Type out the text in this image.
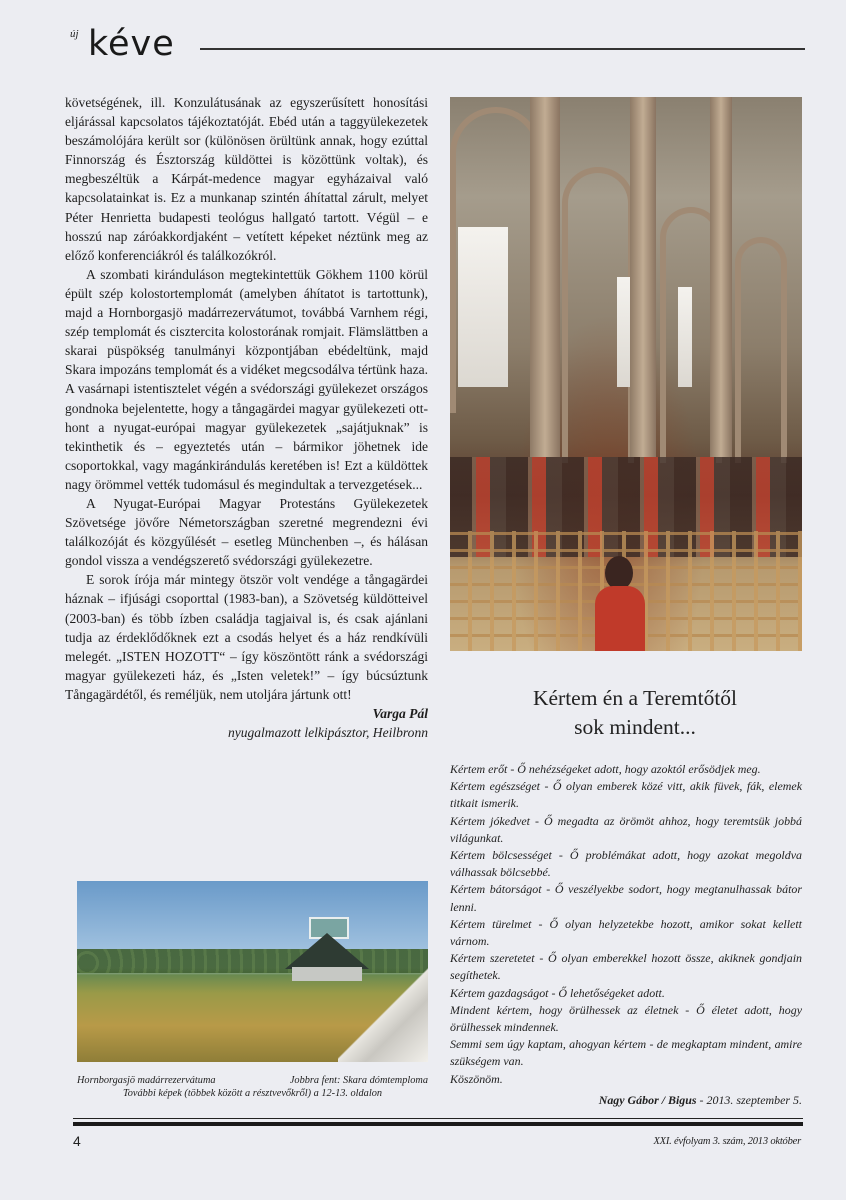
új kéve

követségének, ill. Konzulátusának az egyszerűsített honosítási eljárással kapcsolatos tájékoztatóját. Ebéd után a taggyülekezetek beszámolójára került sor (különösen örültünk annak, hogy ezúttal Finnország és Észtország küldöttei is közöttünk voltak), és megbeszéltük a Kárpát-medence magyar egyházaival való kapcsolatainkat is. Ez a munkanap szintén áhítattal zárult, melyet Péter Henrietta budapesti teológus hallgató tartott. Végül – e hosszú nap záróakkordjaként – vetített képeket néztünk meg az előző konferenciákról és találkozókról.

A szombati kiránduláson megtekintettük Gökhem 1100 körül épült szép kolostortemplomát (amelyben áhítatot is tartottunk), majd a Hornborgasjö madárrezervátumot, továbbá Varnhem régi, szép templomát és cisztercita kolostorának romjait. Flämslättben a skarai püspökség tanulmányi központjában ebédeltünk, majd Skara impozáns templomát és a vidéket megcsodálva tértünk haza. A vasárnapi istentisztelet végén a svédországi gyülekezet országos gondnoka bejelentette, hogy a tångagärdei magyar gyülekezeti otthont a nyugat-európai magyar gyülekezetek „sajátjuknak” is tekinthetik és – egyeztetés után – bármikor jöhetnek ide csoportokkal, vagy magánkirándulás keretében is! Ezt a küldöttek nagy örömmel vették tudomásul és megindultak a tervezgetések...

A Nyugat-Európai Magyar Protestáns Gyülekezetek Szövetsége jövőre Németországban szeretné megrendezni évi találkozóját és közgyűlését – esetleg Münchenben –, és hálásan gondol vissza a vendégszerető svédországi gyülekezetre.

E sorok írója már mintegy ötször volt vendége a tångagärdei háznak – ifjúsági csoporttal (1983-ban), a Szövetség küldötteivel (2003-ban) és több ízben családja tagjaival is, és csak ajánlani tudja az érdeklődőknek ezt a csodás helyet és a ház rendkívüli melegét. „ISTEN HOZOTT“ – így köszöntött ránk a svédországi magyar gyülekezeti ház, és „Isten veletek!” – így búcsúztunk Tångagärdétől, és reméljük, nem utoljára jártunk ott!

Varga Pál
nyugalmazott lelkipásztor, Heilbronn
Kértem én a Teremtőtől
sok mindent...

Kértem erőt - Ő nehézségeket adott, hogy azoktól erősödjek meg.

Kértem egészséget - Ő olyan emberek közé vitt, akik füvek, fák, elemek titkait ismerik.

Kértem jókedvet - Ő megadta az örömöt ahhoz, hogy teremtsük jobbá világunkat.

Kértem bölcsességet - Ő problémákat adott, hogy azokat megoldva válhassak bölcsebbé.

Kértem bátorságot - Ő veszélyekbe sodort, hogy megtanulhassak bátor lenni.

Kértem türelmet - Ő olyan helyzetekbe hozott, amikor sokat kellett várnom.

Kértem szeretetet - Ő olyan emberekkel hozott össze, akiknek gondjain segíthetek.

Kértem gazdagságot - Ő lehetőségeket adott.

Mindent kértem, hogy örülhessek az életnek - Ő életet adott, hogy örülhessek mindennek.

Semmi sem úgy kaptam, ahogyan kértem - de megkaptam mindent, amire szükségem van.

Köszönöm.

Nagy Gábor / Bigus - 2013. szeptember 5.

Hornborgasjö madárrezervátuma	Jobbra fent: Skara dómtemploma
További képek (többek között a résztvevőkről) a 12-13. oldalon
4	XXI. évfolyam 3. szám, 2013 október
